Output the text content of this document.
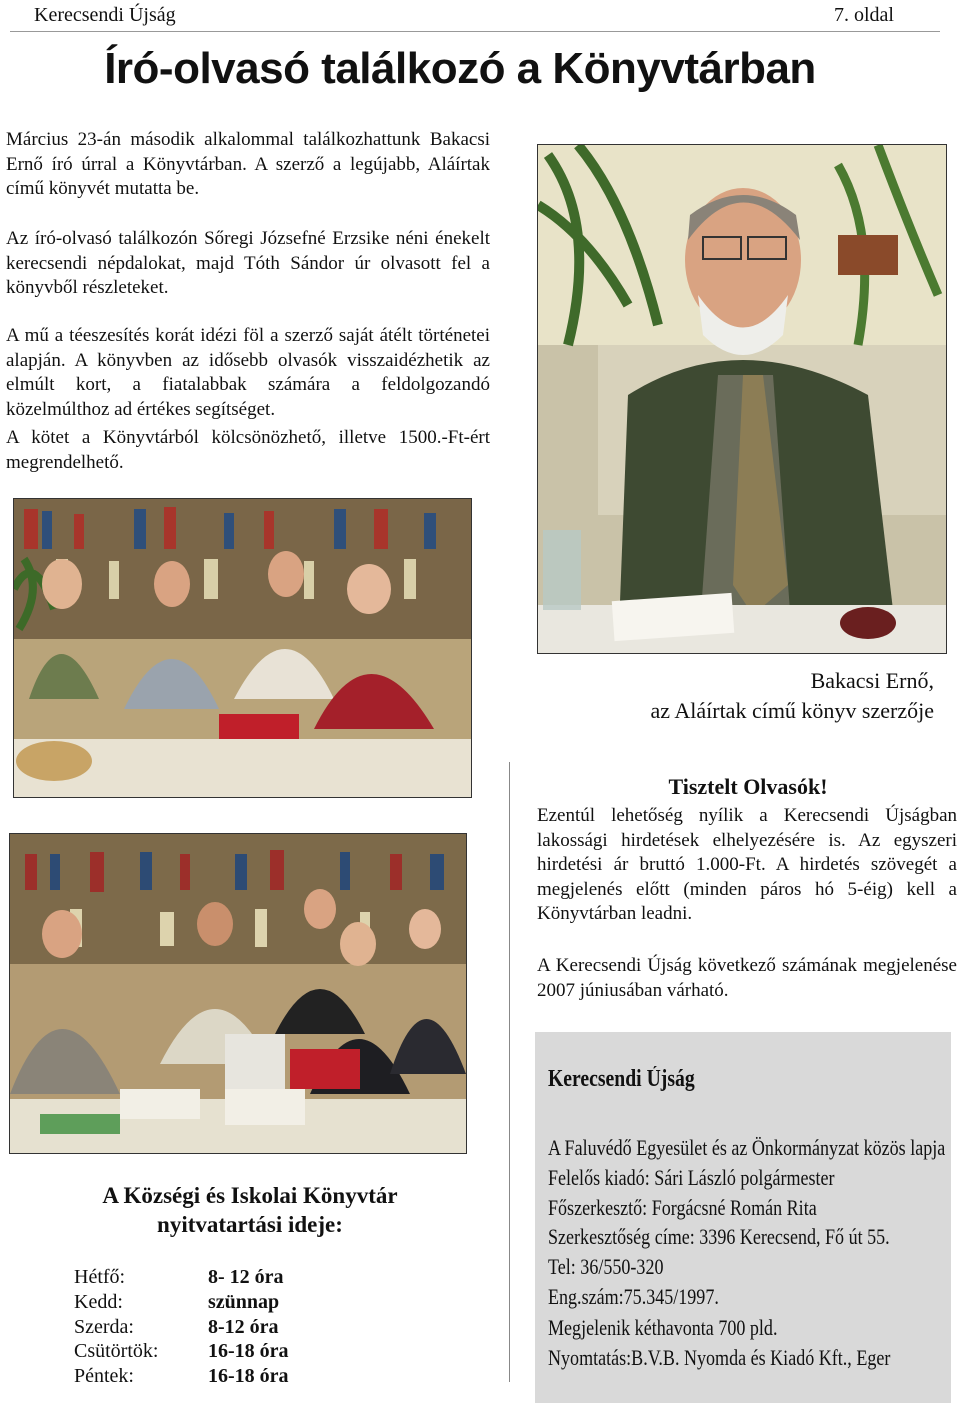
Kerecsendi Újság	7. oldal
Író-olvasó találkozó a Könyvtárban
Március 23-án második alkalommal találkozhattunk Bakacsi Ernő író úrral a Könyvtárban. A szerző a legújabb, Aláírtak című könyvét mutatta be.
Az író-olvasó találkozón Sőregi Józsefné Erzsike néni énekelt kerecsendi népdalokat, majd Tóth Sándor úr olvasott fel a könyvből részleteket.
A mű a téeszesítés korát idézi föl a szerző saját átélt történetei alapján. A könyvben az idősebb olvasók visszaidézhetik az elmúlt kort, a fiatalabbak számára a feldolgozandó közelmúlthoz ad értékes segítséget.
A kötet a Könyvtárból kölcsönözhető, illetve 1500.-Ft-ért megrendelhető.
Bakacsi Ernő,
az Aláírtak című könyv szerzője
Tisztelt Olvasók!
Ezentúl lehetőség nyílik a Kerecsendi Újságban lakossági hirdetések elhelyezésére is. Az egyszeri hirdetési ár bruttó 1.000-Ft. A hirdetés szövegét a megjelenés előtt (minden páros hó 5-éig) kell a Könyvtárban leadni.
A Kerecsendi Újság következő számának megjelenése 2007 júniusában várható.
Kerecsendi Újság
A Faluvédő Egyesület és az Önkormányzat közös lapja
Felelős kiadó: Sári László polgármester
Főszerkesztő: Forgácsné Román Rita
Szerkesztőség címe: 3396 Kerecsend, Fő út 55.
Tel: 36/550-320
Eng.szám:75.345/1997.
Megjelenik kéthavonta 700 pld.
Nyomtatás:B.V.B. Nyomda és Kiadó Kft., Eger
A Községi és Iskolai Könyvtár
nyitvatartási ideje:
Hétfő:	8- 12 óra
Kedd:	szünnap
Szerda:	8-12 óra
Csütörtök: 16-18 óra
Péntek:	16-18 óra
